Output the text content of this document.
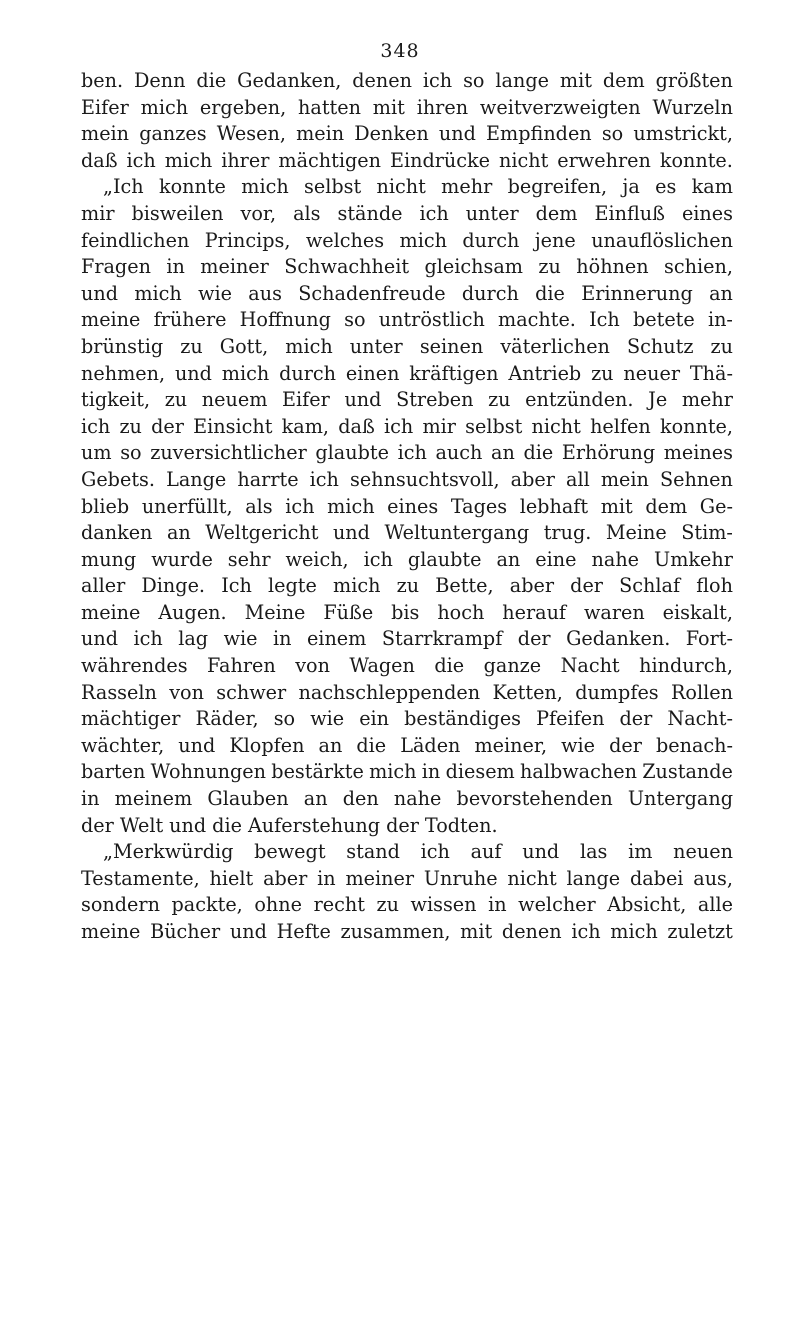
348
ben. Denn die Gedanken, denen ich so lange mit dem größten
Eifer mich ergeben, hatten mit ihren weitverzweigten Wurzeln
mein ganzes Wesen, mein Denken und Empfinden so umstrickt,
daß ich mich ihrer mächtigen Eindrücke nicht erwehren konnte.
„Ich konnte mich selbst nicht mehr begreifen, ja es kam
mir bisweilen vor, als stände ich unter dem Einfluß eines
feindlichen Princips, welches mich durch jene unauflöslichen
Fragen in meiner Schwachheit gleichsam zu höhnen schien,
und mich wie aus Schadenfreude durch die Erinnerung an
meine frühere Hoffnung so untröstlich machte. Ich betete in-
brünstig zu Gott, mich unter seinen väterlichen Schutz zu
nehmen, und mich durch einen kräftigen Antrieb zu neuer Thä-
tigkeit, zu neuem Eifer und Streben zu entzünden. Je mehr
ich zu der Einsicht kam, daß ich mir selbst nicht helfen konnte,
um so zuversichtlicher glaubte ich auch an die Erhörung meines
Gebets. Lange harrte ich sehnsuchtsvoll, aber all mein Sehnen
blieb unerfüllt, als ich mich eines Tages lebhaft mit dem Ge-
danken an Weltgericht und Weltuntergang trug. Meine Stim-
mung wurde sehr weich, ich glaubte an eine nahe Umkehr
aller Dinge. Ich legte mich zu Bette, aber der Schlaf floh
meine Augen. Meine Füße bis hoch herauf waren eiskalt,
und ich lag wie in einem Starrkrampf der Gedanken. Fort-
währendes Fahren von Wagen die ganze Nacht hindurch,
Rasseln von schwer nachschleppenden Ketten, dumpfes Rollen
mächtiger Räder, so wie ein beständiges Pfeifen der Nacht-
wächter, und Klopfen an die Läden meiner, wie der benach-
barten Wohnungen bestärkte mich in diesem halbwachen Zustande
in meinem Glauben an den nahe bevorstehenden Untergang
der Welt und die Auferstehung der Todten.
„Merkwürdig bewegt stand ich auf und las im neuen
Testamente, hielt aber in meiner Unruhe nicht lange dabei aus,
sondern packte, ohne recht zu wissen in welcher Absicht, alle
meine Bücher und Hefte zusammen, mit denen ich mich zuletzt
